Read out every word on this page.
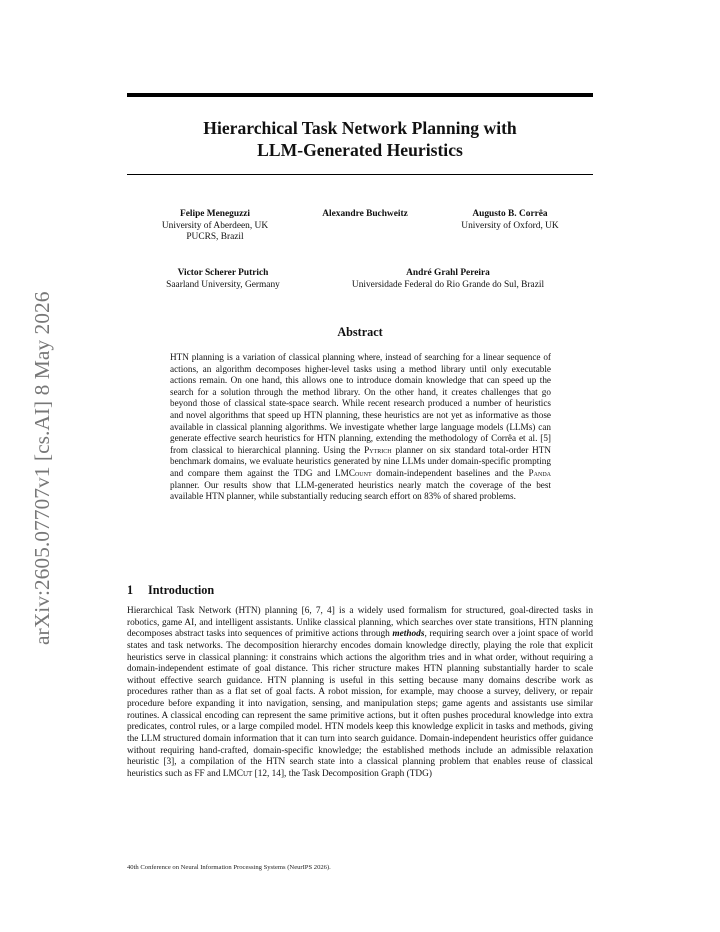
arXiv:2605.07707v1 [cs.AI] 8 May 2026
Hierarchical Task Network Planning with
LLM-Generated Heuristics
Felipe Meneguzzi
University of Aberdeen, UK
PUCRS, Brazil
Alexandre Buchweitz	Augusto B. Corrêa
University of Oxford, UK
Victor Scherer Putrich
Saarland University, Germany
André Grahl Pereira
Universidade Federal do Rio Grande do Sul, Brazil
Abstract
HTN planning is a variation of classical planning where, instead of searching for a linear sequence of actions, an algorithm decomposes higher-level tasks using a method library until only executable actions remain. On one hand, this allows one to introduce domain knowledge that can speed up the search for a solution through the method library. On the other hand, it creates challenges that go beyond those of classical state-space search. While recent research produced a number of heuristics and novel algorithms that speed up HTN planning, these heuristics are not yet as informative as those available in classical planning algorithms. We investigate whether large language models (LLMs) can generate effective search heuristics for HTN planning, extending the methodology of Corrêa et al. [5] from classical to hierarchical planning. Using the Pytrich planner on six standard total-order HTN benchmark domains, we evaluate heuristics generated by nine LLMs under domain-specific prompting and compare them against the TDG and LMCount domain-independent baselines and the Panda planner. Our results show that LLM-generated heuristics nearly match the coverage of the best available HTN planner, while substantially reducing search effort on 83% of shared problems.
1 Introduction
Hierarchical Task Network (HTN) planning [6, 7, 4] is a widely used formalism for structured, goal-directed tasks in robotics, game AI, and intelligent assistants. Unlike classical planning, which searches over state transitions, HTN planning decomposes abstract tasks into sequences of primitive actions through methods, requiring search over a joint space of world states and task networks. The decomposition hierarchy encodes domain knowledge directly, playing the role that explicit heuristics serve in classical planning: it constrains which actions the algorithm tries and in what order, without requiring a domain-independent estimate of goal distance. This richer structure makes HTN planning substantially harder to scale without effective search guidance. HTN planning is useful in this setting because many domains describe work as procedures rather than as a flat set of goal facts. A robot mission, for example, may choose a survey, delivery, or repair procedure before expanding it into navigation, sensing, and manipulation steps; game agents and assistants use similar routines. A classical encoding can represent the same primitive actions, but it often pushes procedural knowledge into extra predicates, control rules, or a large compiled model. HTN models keep this knowledge explicit in tasks and methods, giving the LLM structured domain information that it can turn into search guidance. Domain-independent heuristics offer guidance without requiring hand-crafted, domain-specific knowledge; the established methods include an admissible relaxation heuristic [3], a compilation of the HTN search state into a classical planning problem that enables reuse of classical heuristics such as FF and LMCut [12, 14], the Task Decomposition Graph (TDG)
40th Conference on Neural Information Processing Systems (NeurIPS 2026).
